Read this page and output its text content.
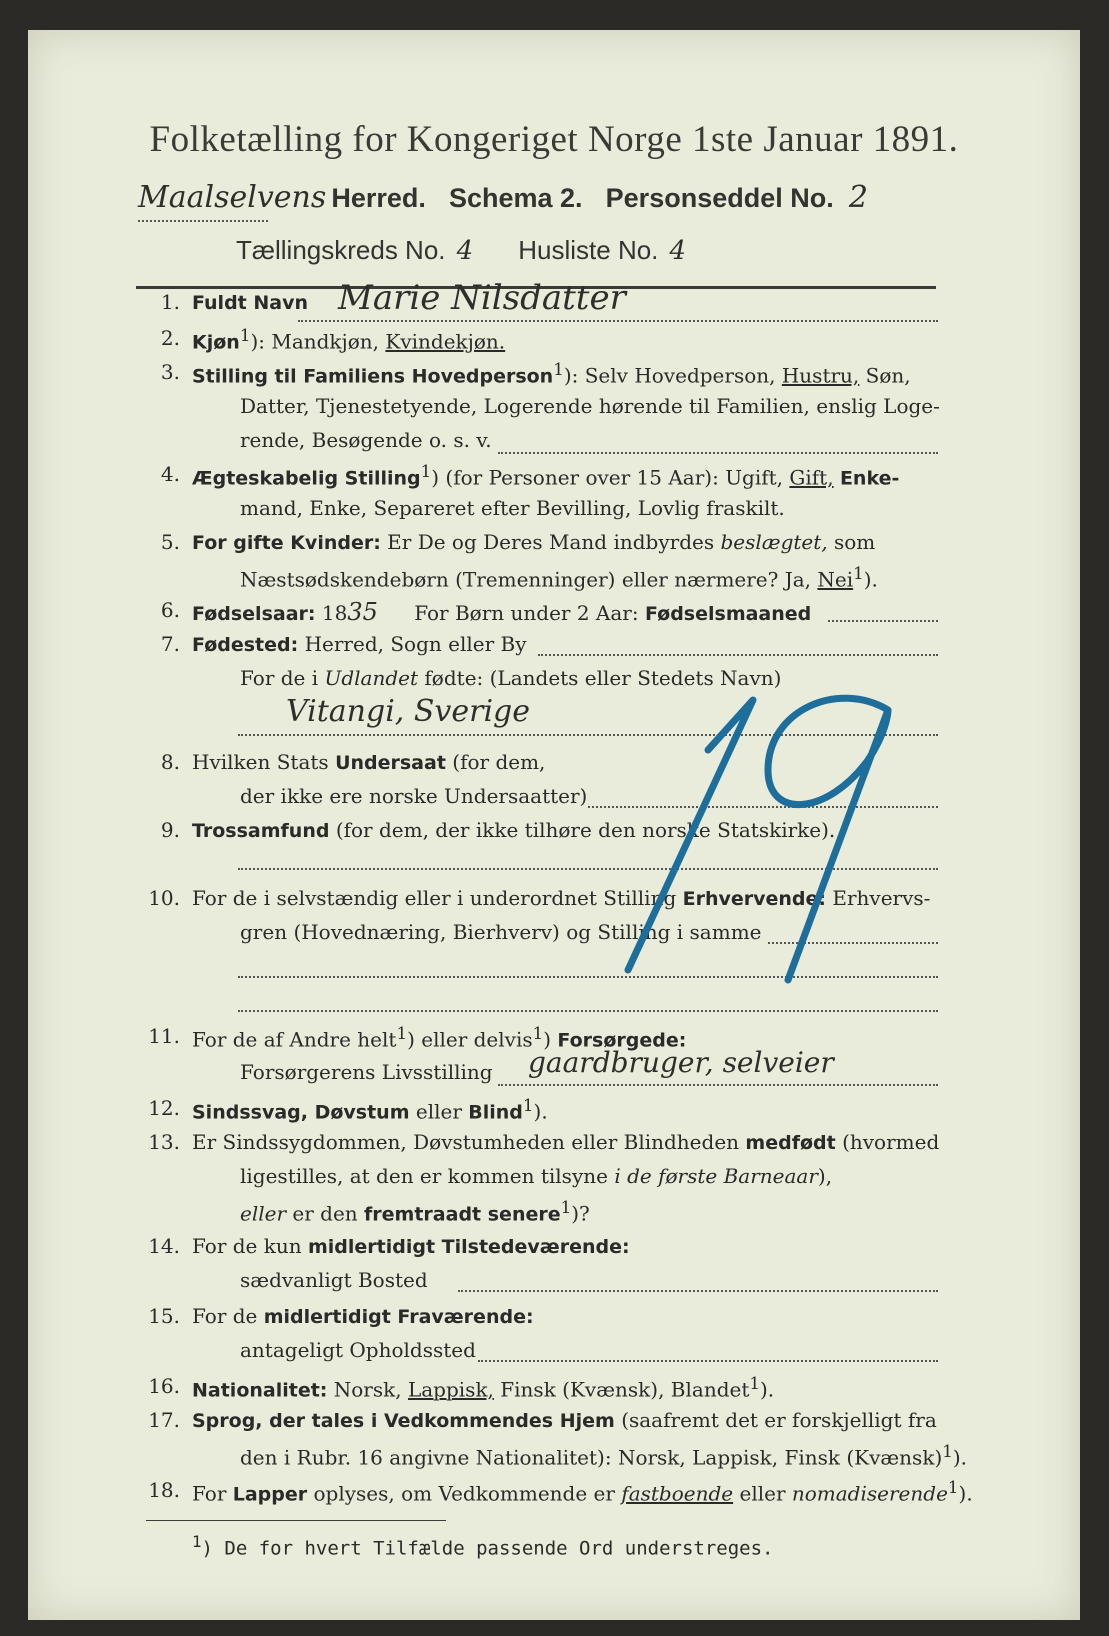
Folketælling for Kongeriget Norge 1ste Januar 1891.
Maalselvens Herred. Schema 2. Personseddel No. 2
Tællingskreds No. 4 Husliste No. 4
1. Fuldt Navn Marie Nilsdatter
2. Kjøn$^1$): Mandkjøn, Kvindekjøn.
3. Stilling til Familiens Hovedperson$^1$): Selv Hovedperson, Hustru, Søn,
Datter, Tjenestetyende, Logerende hørende til Familien, enslig Loge-
rende, Besøgende o. s. v.
4. Ægteskabelig Stilling$^1$) (for Personer over 15 Aar): Ugift, Gift, Enke-
mand, Enke, Separeret efter Bevilling, Lovlig fraskilt.
5. For gifte Kvinder: Er De og Deres Mand indbyrdes beslægtet, som
Næstsødskendebørn (Tremenninger) eller nærmere? Ja, Nei$^1$).
6. Fødselsaar: 1835 For Børn under 2 Aar: Fødselsmaaned
7. Fødested: Herred, Sogn eller By
For de i Udlandet fødte: (Landets eller Stedets Navn)
Vitangi, Sverige
8. Hvilken Stats Undersaat (for dem,
der ikke ere norske Undersaatter)
9. Trossamfund (for dem, der ikke tilhøre den norske Statskirke).
10. For de i selvstændig eller i underordnet Stilling Erhvervende: Erhvervs-
gren (Hovednæring, Bierhverv) og Stilling i samme
11. For de af Andre helt$^1$) eller delvis$^1$) Forsørgede:
Forsørgerens Livsstilling gaardbruger, selveier
12. Sindssvag, Døvstum eller Blind$^1$).
13. Er Sindssygdommen, Døvstumheden eller Blindheden medfødt (hvormed
ligestilles, at den er kommen tilsyne i de første Barneaar),
eller er den fremtraadt senere$^1$)?
14. For de kun midlertidigt Tilstedeværende:
sædvanligt Bosted
15. For de midlertidigt Fraværende:
antageligt Opholdssted
16. Nationalitet: Norsk, Lappisk, Finsk (Kvænsk), Blandet$^1$).
17. Sprog, der tales i Vedkommendes Hjem (saafremt det er forskjelligt fra
den i Rubr. 16 angivne Nationalitet): Norsk, Lappisk, Finsk (Kvænsk)$^1$).
18. For Lapper oplyses, om Vedkommende er fastboende eller nomadiserende$^1$).
$^1$) De for hvert Tilfælde passende Ord understreges.
19
